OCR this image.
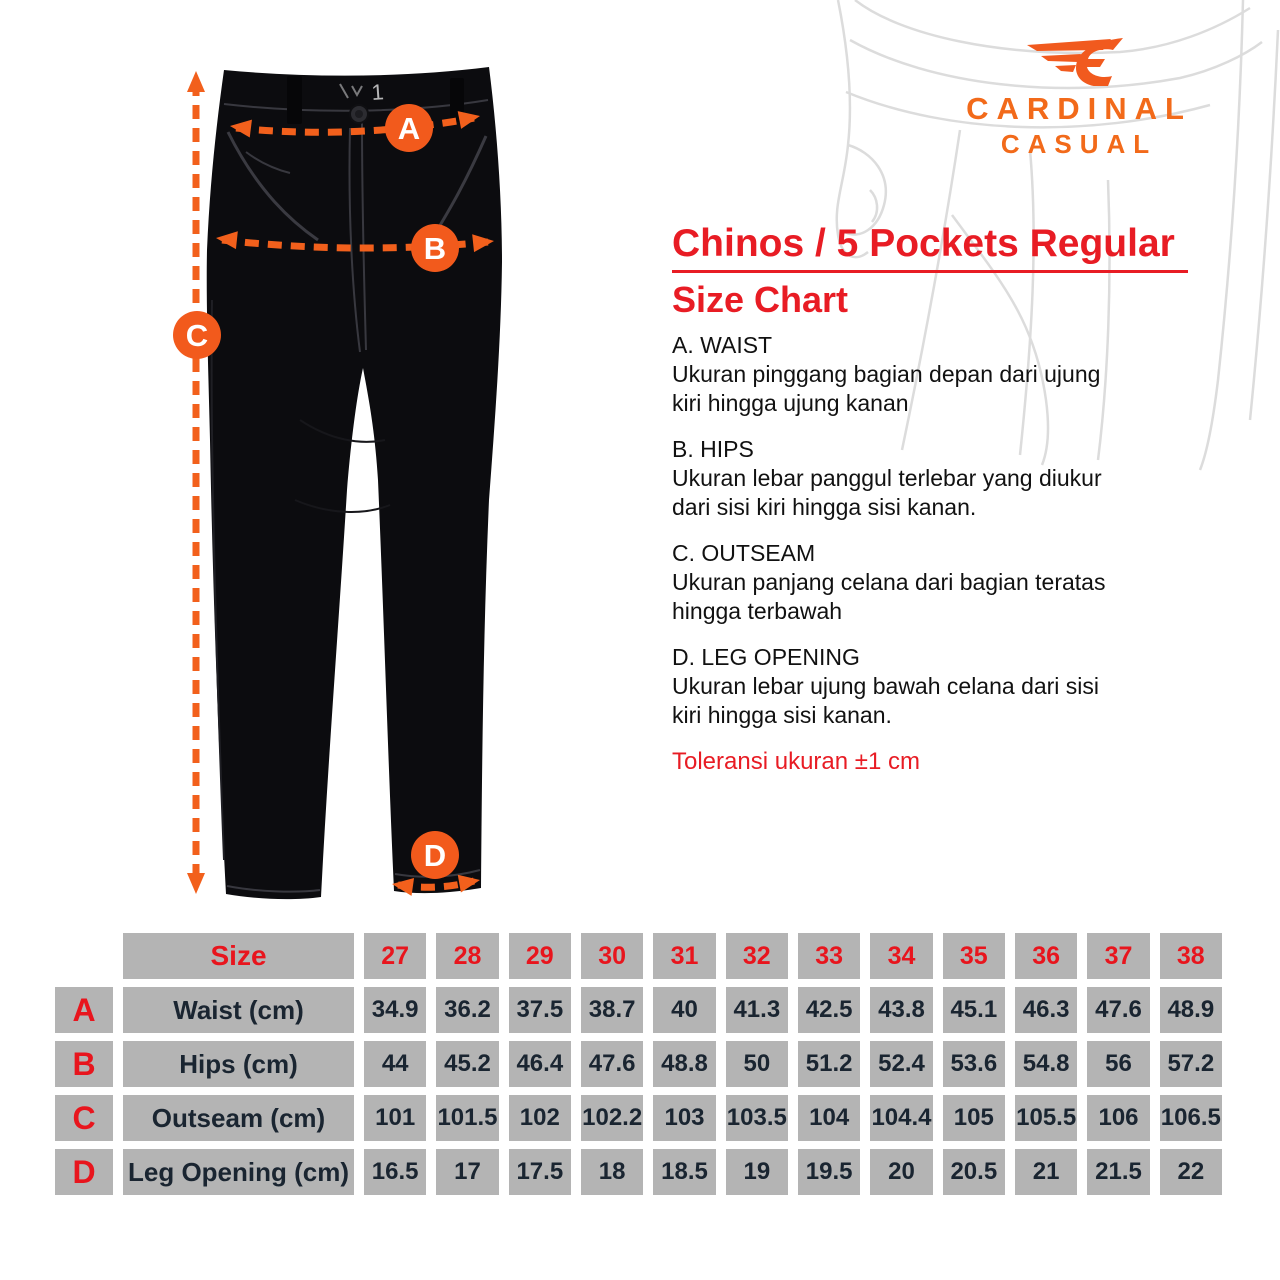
1
A
B
C
D
CARDINAL
CASUAL
Chinos / 5 Pockets Regular
Size Chart
A. WAIST
Ukuran pinggang bagian depan dari ujung kiri hingga ujung kanan
B. HIPS
Ukuran lebar panggul terlebar yang diukur dari sisi kiri hingga sisi kanan.
C. OUTSEAM
Ukuran panjang celana dari bagian teratas hingga terbawah
D. LEG OPENING
Ukuran lebar ujung bawah celana dari sisi kiri hingga sisi kanan.
Toleransi ukuran ±1 cm
Size	27	28	29	30	31	32	33	34	35	36	37	38
A	Waist (cm)	34.9	36.2	37.5	38.7	40	41.3	42.5	43.8	45.1	46.3	47.6	48.9
B	Hips (cm)	44	45.2	46.4	47.6	48.8	50	51.2	52.4	53.6	54.8	56	57.2
C	Outseam (cm)	101 101.5 102 102.2 103 103.5 104 104.4 105 105.5 106 106.5
D	Leg Opening (cm) 16.5	17	17.5	18	18.5	19	19.5	20	20.5	21	21.5	22
